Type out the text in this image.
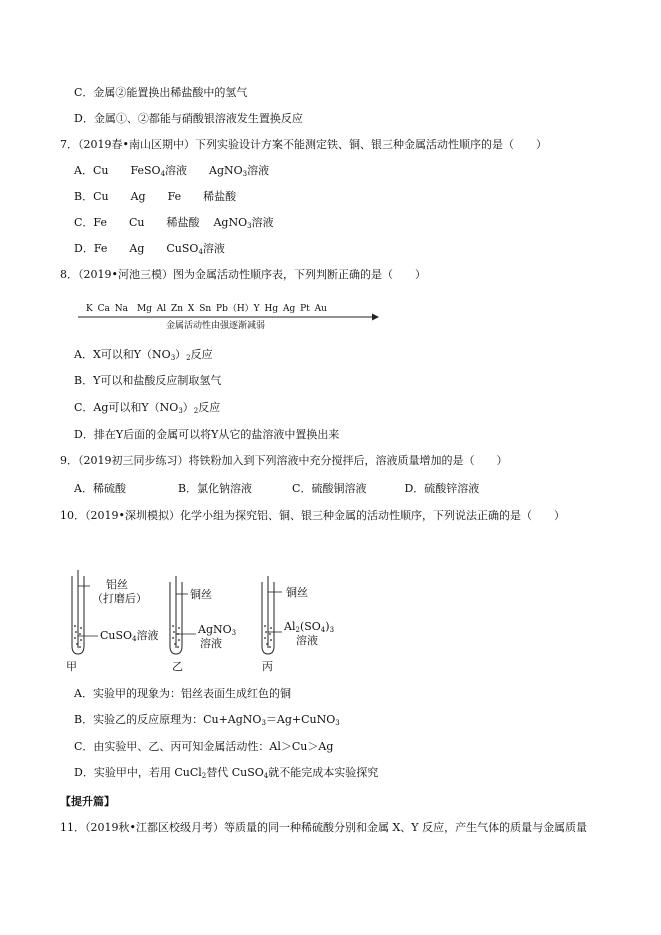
C．金属②能置换出稀盐酸中的氢气
D．金属①、②都能与硝酸银溶液发生置换反应
7．（2019春•南山区期中）下列实验设计方案不能测定铁、铜、银三种金属活动性顺序的是（　　）
A．Cu FeSO$_4$溶液 AgNO$_3$溶液
B．Cu Ag Fe 稀盐酸
C．Fe Cu 稀盐酸 AgNO$_3$溶液
D．Fe Ag CuSO$_4$溶液
8．（2019•河池三模）图为金属活动性顺序表，下列判断正确的是（　　）
K Ca Na　Mg Al Zn X Sn Pb（H）Y Hg Ag Pt Au
金属活动性由强逐渐减弱
A．X可以和$Y(NO_3)_2$反应
B．Y可以和盐酸反应制取氢气
C．Ag可以和$Y(NO_3)_2$反应
D．排在Y后面的金属可以将Y从它的盐溶液中置换出来
9．（2019初三同步练习）将铁粉加入到下列溶液中充分搅拌后，溶液质量增加的是（　　）
A．稀硫酸	B．氯化钠溶液	C．硫酸铜溶液	D．硫酸锌溶液
10．（2019•深圳模拟）化学小组为探究铝、铜、银三种金属的活动性顺序，下列说法正确的是（　　）
铝丝
（打磨后）
CuSO$_4$溶液
铜丝
AgNO$_3$
溶液
铜丝
$Al_2(SO_4)_3$
溶液
甲	乙	丙
A．实验甲的现象为：铝丝表面生成红色的铜
B．实验乙的反应原理为：Cu+AgNO$_3$＝Ag+CuNO$_3$
C．由实验甲、乙、丙可知金属活动性：Al＞Cu＞Ag
D．实验甲中，若用 CuCl$_2$替代 CuSO$_4$就不能完成本实验探究
【提升篇】
11．（2019秋•江都区校级月考）等质量的同一种稀硫酸分别和金属 X、Y 反应，产生气体的质量与金属质量
